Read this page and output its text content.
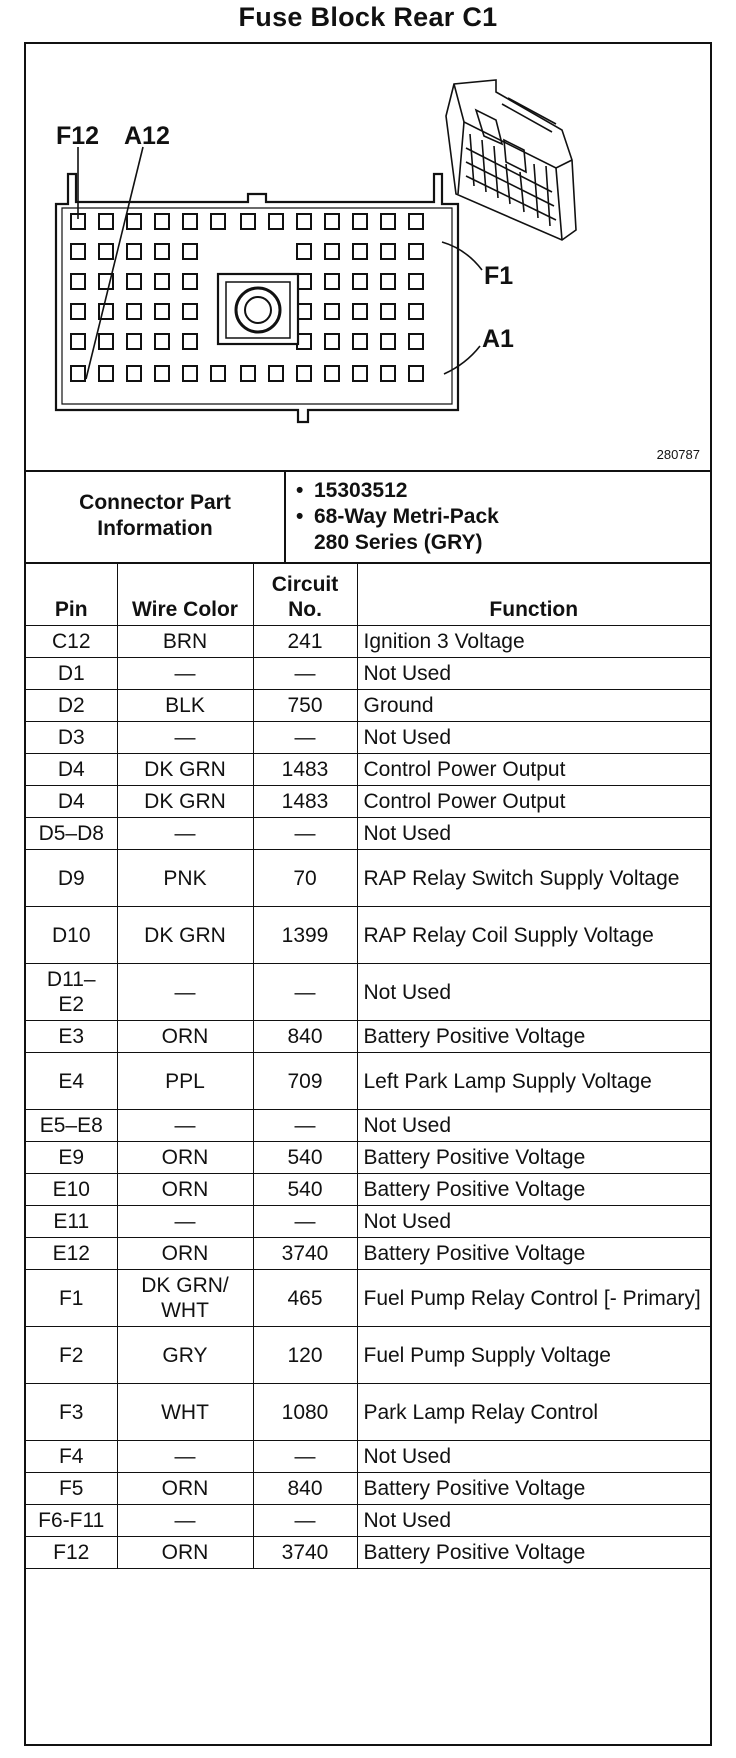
Fuse Block Rear C1
F12 A12
F1
A1
280787
Connector Part Information
• 15303512
• 68-Way Metri-Pack
280 Series (GRY)
Pin	Wire Color	Circuit No.	Function
C12	BRN	241	Ignition 3 Voltage
D1	—	—	Not Used
D2	BLK	750	Ground
D3	—	—	Not Used
D4	DK GRN	1483	Control Power Output
D4	DK GRN	1483	Control Power Output
D5–D8	—	—	Not Used
D9	PNK	70	RAP Relay Switch Supply Voltage
D10	DK GRN	1399	RAP Relay Coil Supply Voltage
D11– E2	—	—	Not Used
E3	ORN	840	Battery Positive Voltage
E4	PPL	709	Left Park Lamp Supply Voltage
E5–E8	—	—	Not Used
E9	ORN	540	Battery Positive Voltage
E10	ORN	540	Battery Positive Voltage
E11	—	—	Not Used
E12	ORN	3740	Battery Positive Voltage
F1	DK GRN/ WHT	465	Fuel Pump Relay Control [- Primary]
F2	GRY	120	Fuel Pump Supply Voltage
F3	WHT	1080	Park Lamp Relay Control
F4	—	—	Not Used
F5	ORN	840	Battery Positive Voltage
F6-F11	—	—	Not Used
F12	ORN	3740	Battery Positive Voltage
